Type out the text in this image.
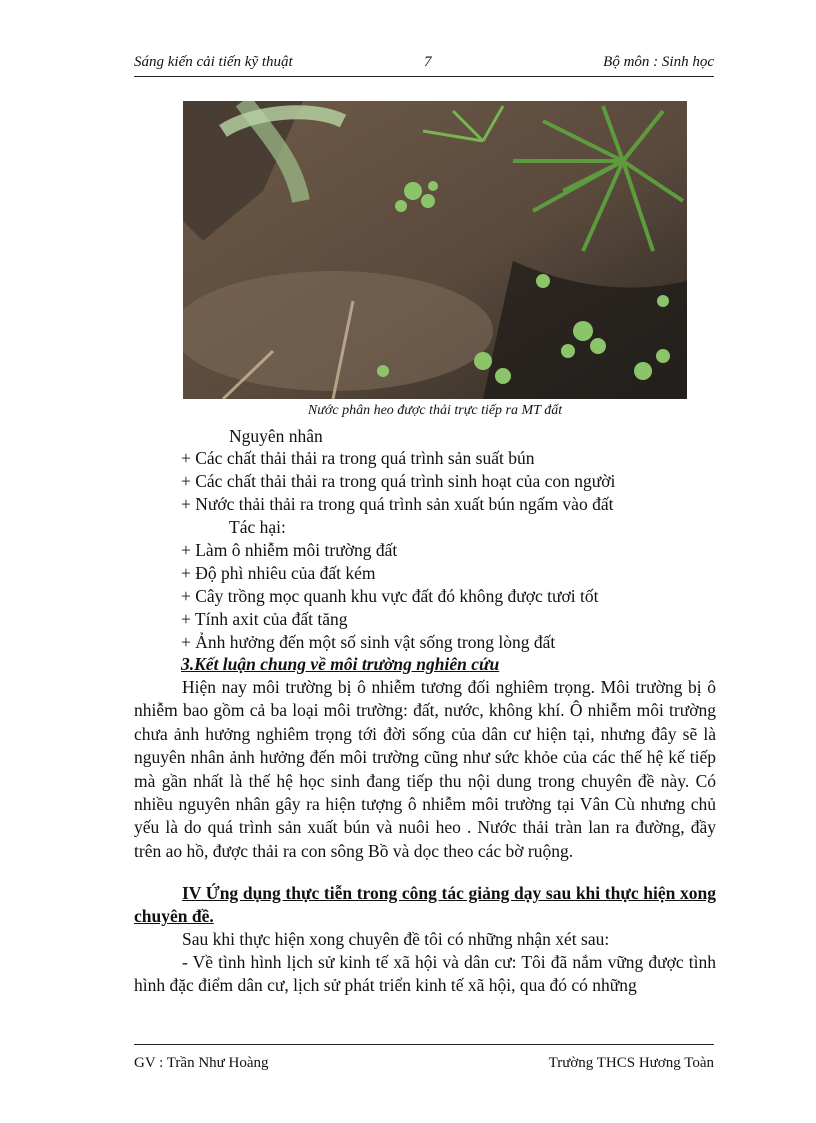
Sáng kiến cải tiến kỹ thuật	7	Bộ môn : Sinh học
Nước phân heo được thải trực tiếp ra MT đất
Nguyên nhân
+ Các chất thải thải ra trong quá trình sản suất bún
+ Các chất thải thải ra trong quá trình sinh hoạt của con người
+ Nước thải thải ra trong quá trình sản xuất bún ngấm vào đất
Tác hại:
+ Làm ô nhiễm môi trường đất
+ Độ phì nhiêu của đất kém
+ Cây trồng mọc quanh khu vực đất đó không được tươi tốt
+ Tính axit của đất tăng
+ Ảnh hưởng đến một số sinh vật sống trong lòng đất
3.Kết luận chung về môi trường nghiên cứu
Hiện nay môi trường bị ô nhiễm tương đối nghiêm trọng. Môi trường bị ô nhiễm bao gồm cả ba loại môi trường: đất, nước, không khí. Ô nhiễm môi trường chưa ảnh hưởng nghiêm trọng tới đời sống của dân cư hiện tại, nhưng đây sẽ là nguyên nhân ảnh hưởng đến môi trường cũng như sức khỏe của các thế hệ kế tiếp mà gần nhất là thế hệ học sinh đang tiếp thu nội dung trong chuyên đề này. Có nhiều nguyên nhân gây ra hiện tượng ô nhiễm môi trường tại Vân Cù nhưng chủ yếu là do quá trình sản xuất bún và nuôi heo . Nước thải tràn lan ra đường, đầy trên ao hồ, được thải ra con sông Bồ và dọc theo các bờ ruộng.
IV Ứng dụng thực tiễn trong công tác giảng dạy sau khi thực hiện xong chuyên đề.
Sau khi thực hiện xong chuyên đề tôi có những nhận xét sau:
- Về tình hình lịch sử kinh tế xã hội và dân cư: Tôi đã nắm vững được tình hình đặc điểm dân cư, lịch sử phát triển kinh tế xã hội, qua đó có những
GV : Trần Như Hoàng	Trường THCS Hương Toàn
